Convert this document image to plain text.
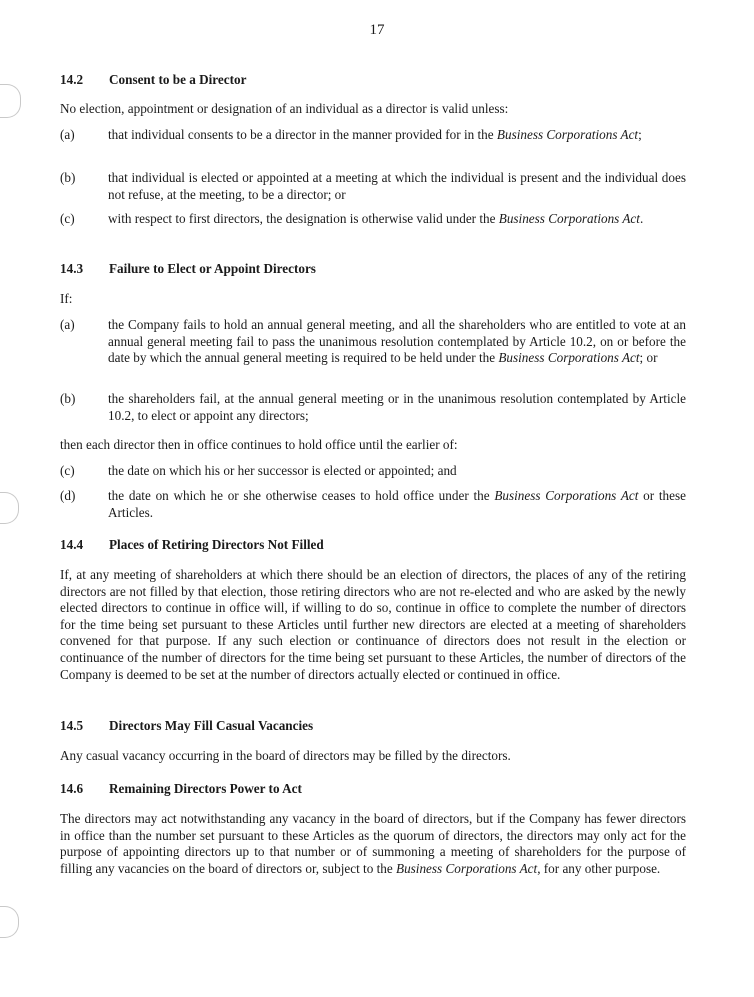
17
14.2 Consent to be a Director
No election, appointment or designation of an individual as a director is valid unless:
(a)	that individual consents to be a director in the manner provided for in the Business Corporations Act;
(b) that individual is elected or appointed at a meeting at which the individual is present and the individual does not refuse, at the meeting, to be a director; or
(c)	with respect to first directors, the designation is otherwise valid under the Business Corporations Act.
14.3 Failure to Elect or Appoint Directors
If:
(a)	the Company fails to hold an annual general meeting, and all the shareholders who are entitled to vote at an annual general meeting fail to pass the unanimous resolution contemplated by Article 10.2, on or before the date by which the annual general meeting is required to be held under the Business Corporations Act; or
(b) the shareholders fail, at the annual general meeting or in the unanimous resolution contemplated by Article 10.2, to elect or appoint any directors;
then each director then in office continues to hold office until the earlier of:
(c)	the date on which his or her successor is elected or appointed; and
(d) the date on which he or she otherwise ceases to hold office under the Business Corporations Act or these Articles.
14.4 Places of Retiring Directors Not Filled
If, at any meeting of shareholders at which there should be an election of directors, the places of any of the retiring directors are not filled by that election, those retiring directors who are not re-elected and who are asked by the newly elected directors to continue in office will, if willing to do so, continue in office to complete the number of directors for the time being set pursuant to these Articles until further new directors are elected at a meeting of shareholders convened for that purpose. If any such election or continuance of directors does not result in the election or continuance of the number of directors for the time being set pursuant to these Articles, the number of directors of the Company is deemed to be set at the number of directors actually elected or continued in office.
14.5 Directors May Fill Casual Vacancies
Any casual vacancy occurring in the board of directors may be filled by the directors.
14.6 Remaining Directors Power to Act
The directors may act notwithstanding any vacancy in the board of directors, but if the Company has fewer directors in office than the number set pursuant to these Articles as the quorum of directors, the directors may only act for the purpose of appointing directors up to that number or of summoning a meeting of shareholders for the purpose of filling any vacancies on the board of directors or, subject to the Business Corporations Act, for any other purpose.
